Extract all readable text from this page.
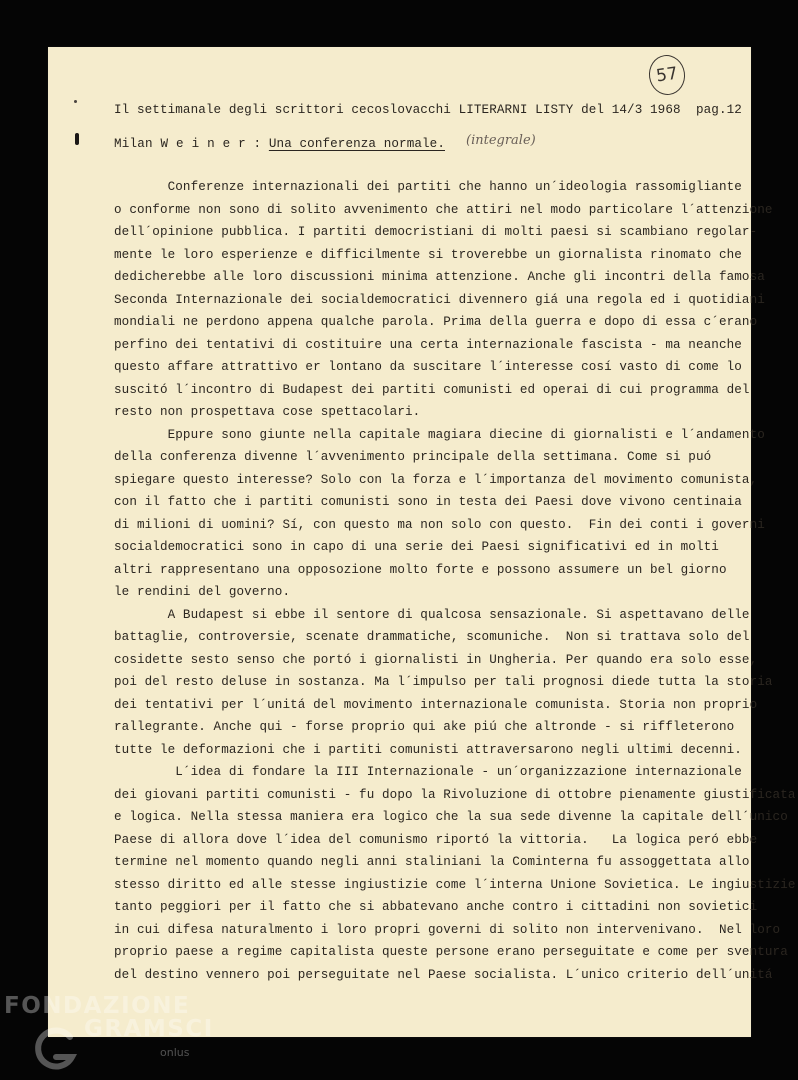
57
Il settimanale degli scrittori cecoslovacchi LITERARNI LISTY del 14/3 1968  pag.12
Milan W e i n e r : Una conferenza normale. (integrale)
Conferenze internazionali dei partiti che hanno un´ideologia rassomigliante
o conforme non sono di solito avvenimento che attiri nel modo particolare l´attenzione
dell´opinione pubblica. I partiti democristiani di molti paesi si scambiano regolar-
mente le loro esperienze e difficilmente si troverebbe un giornalista rinomato che
dedicherebbe alle loro discussioni minima attenzione. Anche gli incontri della famosa
Seconda Internazionale dei socialdemocratici divennero giá una regola ed i quotidiani
mondiali ne perdono appena qualche parola. Prima della guerra e dopo di essa c´erano
perfino dei tentativi di costituire una certa internazionale fascista - ma neanche
questo affare attrattivo er lontano da suscitare l´interesse cosí vasto di come lo
suscitó l´incontro di Budapest dei partiti comunisti ed operai di cui programma del
resto non prospettava cose spettacolari.
Eppure sono giunte nella capitale magiara diecine di giornalisti e l´andamento
della conferenza divenne l´avvenimento principale della settimana. Come si puó
spiegare questo interesse? Solo con la forza e l´importanza del movimento comunista,
con il fatto che i partiti comunisti sono in testa dei Paesi dove vivono centinaia
di milioni di uomini? Sí, con questo ma non solo con questo.  Fin dei conti i governi
socialdemocratici sono in capo di una serie dei Paesi significativi ed in molti
altri rappresentano una opposozione molto forte e possono assumere un bel giorno
le rendini del governo.
A Budapest si ebbe il sentore di qualcosa sensazionale. Si aspettavano delle
battaglie, controversie, scenate drammatiche, scomuniche.  Non si trattava solo del
cosidette sesto senso che portó i giornalisti in Ungheria. Per quando era solo esse,
poi del resto deluse in sostanza. Ma l´impulso per tali prognosi diede tutta la storia
dei tentativi per l´unitá del movimento internazionale comunista. Storia non proprio
rallegrante. Anche qui - forse proprio qui ake piú che altronde - si riffleterono
tutte le deformazioni che i partiti comunisti attraversarono negli ultimi decenni.
L´idea di fondare la III Internazionale - un´organizzazione internazionale
dei giovani partiti comunisti - fu dopo la Rivoluzione di ottobre pienamente giustificata
e logica. Nella stessa maniera era logico che la sua sede divenne la capitale dell´unico
Paese di allora dove l´idea del comunismo riportó la vittoria.   La logica peró ebbe
termine nel momento quando negli anni staliniani la Cominterna fu assoggettata allo
stesso diritto ed alle stesse ingiustizie come l´interna Unione Sovietica. Le ingiustizie
tanto peggiori per il fatto che si abbatevano anche contro i cittadini non sovietici
in cui difesa naturalmento i loro propri governi di solito non intervenivano.  Nel loro
proprio paese a regime capitalista queste persone erano perseguitate e come per sventura
del destino vennero poi perseguitate nel Paese socialista. L´unico criterio dell´unitá
FONDAZIONE
GRAMSCI
onlus
